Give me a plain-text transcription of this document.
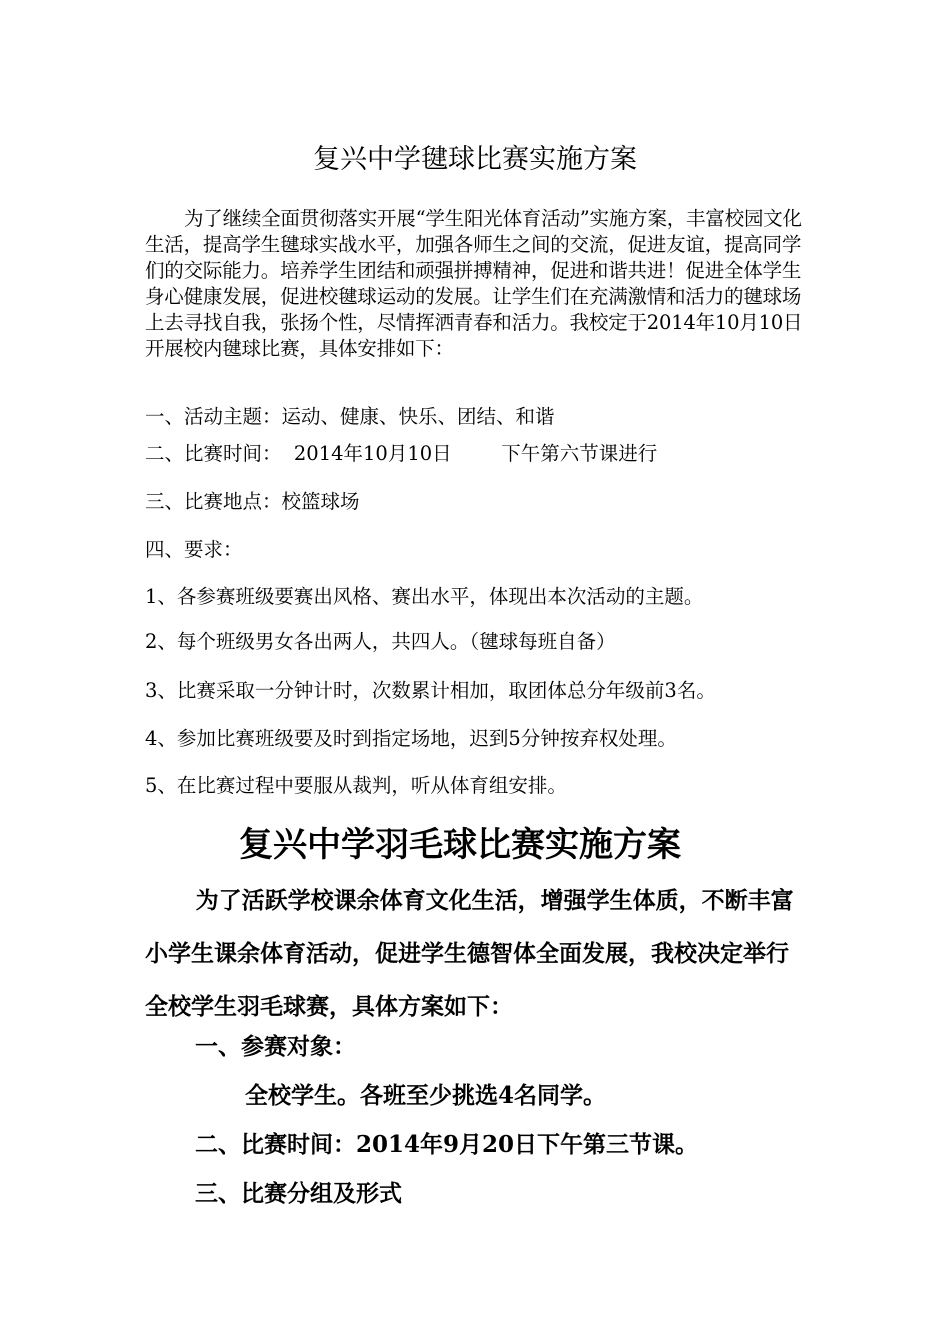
复兴中学毽球比赛实施方案
为了继续全面贯彻落实开展“学生阳光体育活动”实施方案，丰富校园文化生活，提高学生毽球实战水平，加强各师生之间的交流，促进友谊，提高同学们的交际能力。培养学生团结和顽强拼搏精神，促进和谐共进！促进全体学生身心健康发展，促进校毽球运动的发展。让学生们在充满激情和活力的毽球场上去寻找自我，张扬个性，尽情挥洒青春和活力。我校定于2014年10月10日开展校内毽球比赛，具体安排如下：
一、活动主题：运动、健康、快乐、团结、和谐
二、比赛时间：  2014年10月10日        下午第六节课进行
三、比赛地点：校篮球场
四、要求：
1、各参赛班级要赛出风格、赛出水平，体现出本次活动的主题。
2、每个班级男女各出两人，共四人。（毽球每班自备）
3、比赛采取一分钟计时，次数累计相加，取团体总分年级前3名。
4、参加比赛班级要及时到指定场地，迟到5分钟按弃权处理。
5、在比赛过程中要服从裁判，听从体育组安排。
复兴中学羽毛球比赛实施方案
为了活跃学校课余体育文化生活，增强学生体质，不断丰富小学生课余体育活动，促进学生德智体全面发展，我校决定举行全校学生羽毛球赛，具体方案如下：
一、参赛对象：
全校学生。各班至少挑选4名同学。
二、比赛时间：2014年9月20日下午第三节课。
三、比赛分组及形式
